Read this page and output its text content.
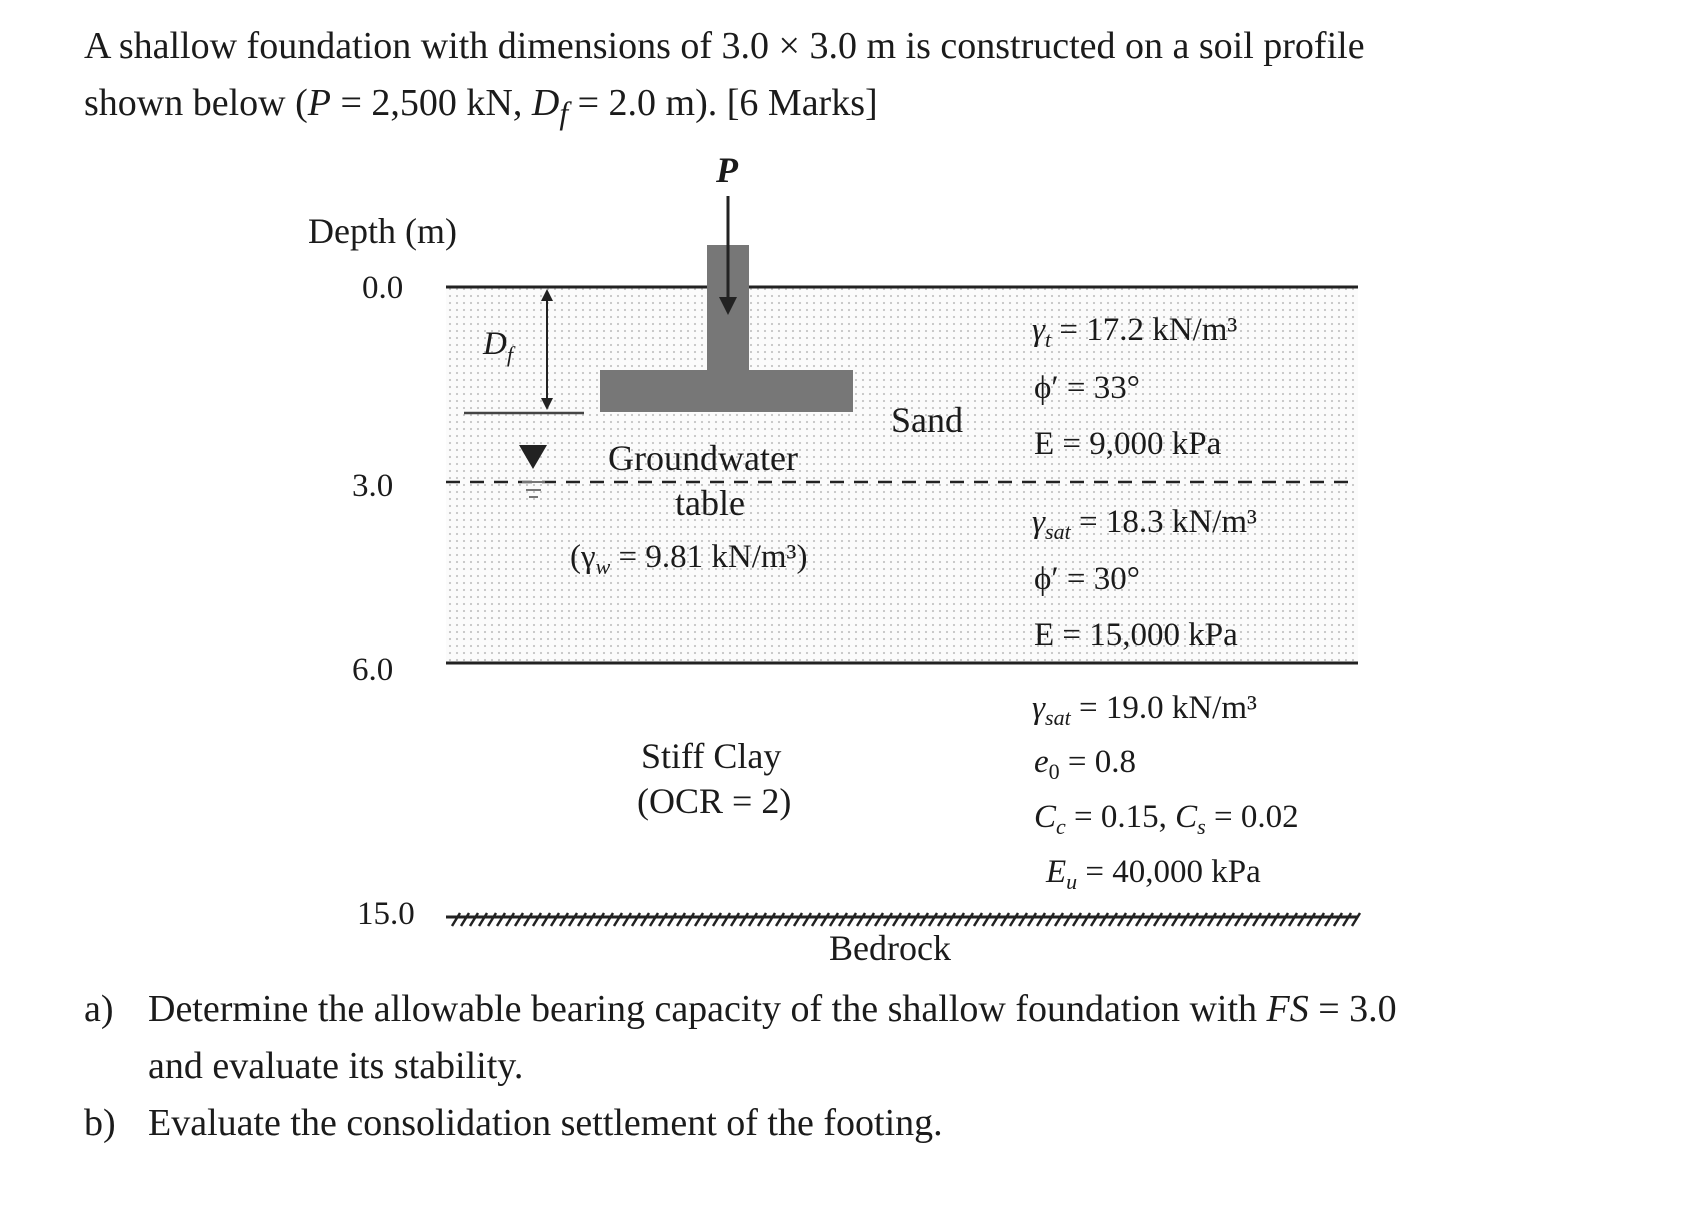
A shallow foundation with dimensions of 3.0 × 3.0 m is constructed on a soil profile
shown below (P = 2,500 kN, $D_f = 2.0$ m). [6 Marks]
Depth (m)
0.0
3.0
6.0
15.0
P
$D_f$
Groundwater
table
($\gamma_w = 9.81$ kN/m³)
Sand
$\gamma_t = 17.2$ kN/m³
ϕ′ = 33°
E = 9,000 kPa
$\gamma_{sat} = 18.3$ kN/m³
ϕ′ = 30°
E = 15,000 kPa
Stiff Clay
(OCR = 2)
$\gamma_{sat} = 19.0$ kN/m³
$e_0 = 0.8$
$C_c = 0.15$, $C_s = 0.02$
$E_u = 40,000$ kPa
Bedrock
a) Determine the allowable bearing capacity of the shallow foundation with FS = 3.0
and evaluate its stability.
b) Evaluate the consolidation settlement of the footing.
